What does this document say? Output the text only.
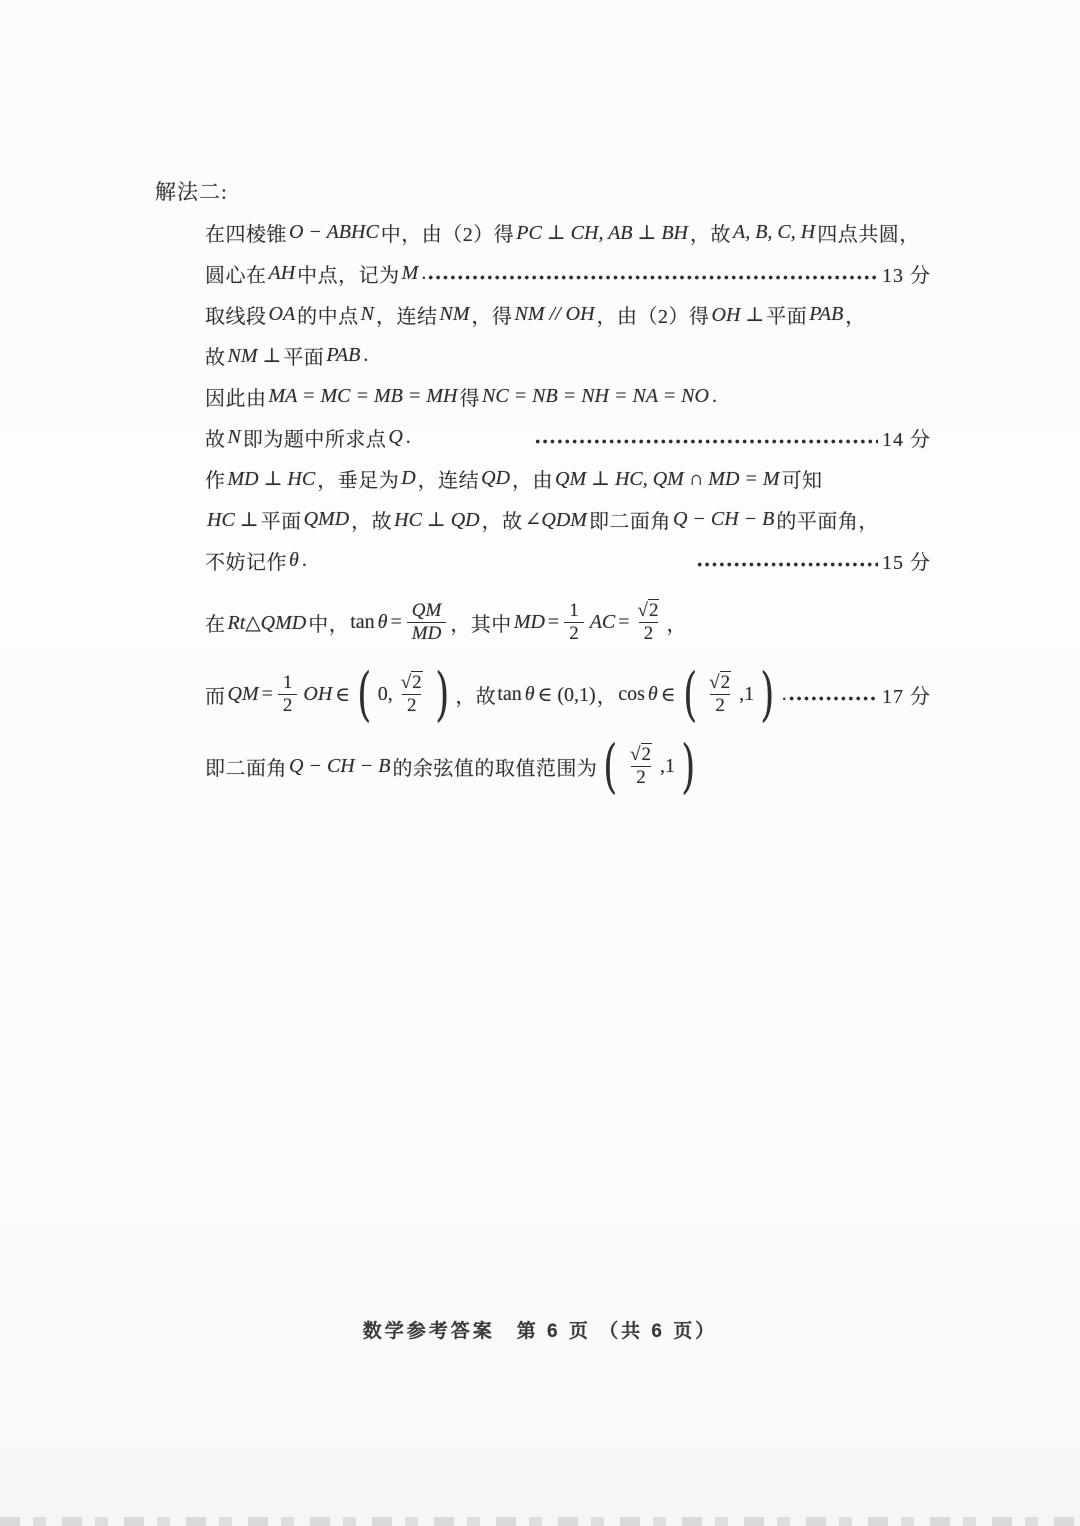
解法二:
在四棱锥 O − ABHC 中，由（2）得 PC ⊥ CH, AB ⊥ BH ，故 A, B, C, H 四点共圆，
圆心在 AH 中点，记为 M .	13 分
取线段 OA 的中点 N ，连结 NM ，得 NM // OH ，由（2）得 OH ⊥ 平面 PAB ，
故 NM ⊥ 平面 PAB .
因此由 MA = MC = MB = MH 得 NC = NB = NH = NA = NO .
故 N 即为题中所求点 Q .	14 分
作 MD ⊥ HC ，垂足为 D ，连结 QD ，由 QM ⊥ HC, QM ∩ MD = M 可知
HC ⊥ 平面 QMD ，故 HC ⊥ QD ，故 ∠QDM 即二面角 Q − CH − B 的平面角，
不妨记作 θ .	15 分
在 Rt△QMD 中， $\tan \theta = \frac{QM}{MD}$ ，其中 MD = $\frac{1}{2}$ AC = $\frac{√2}{2}$ ，
而 QM = $\frac{1}{2}$ OH ∈ ( 0, $\frac{√2}{2}$ ) ，故 tan θ ∈ (0,1) ， cos θ ∈ ( $\frac{√2}{2} ,1$ ) .	17 分
即二面角 Q − CH − B 的余弦值的取值范围为 ( $\frac{√2}{2} ,1$ )
数学参考答案　第 6 页 （共 6 页）
